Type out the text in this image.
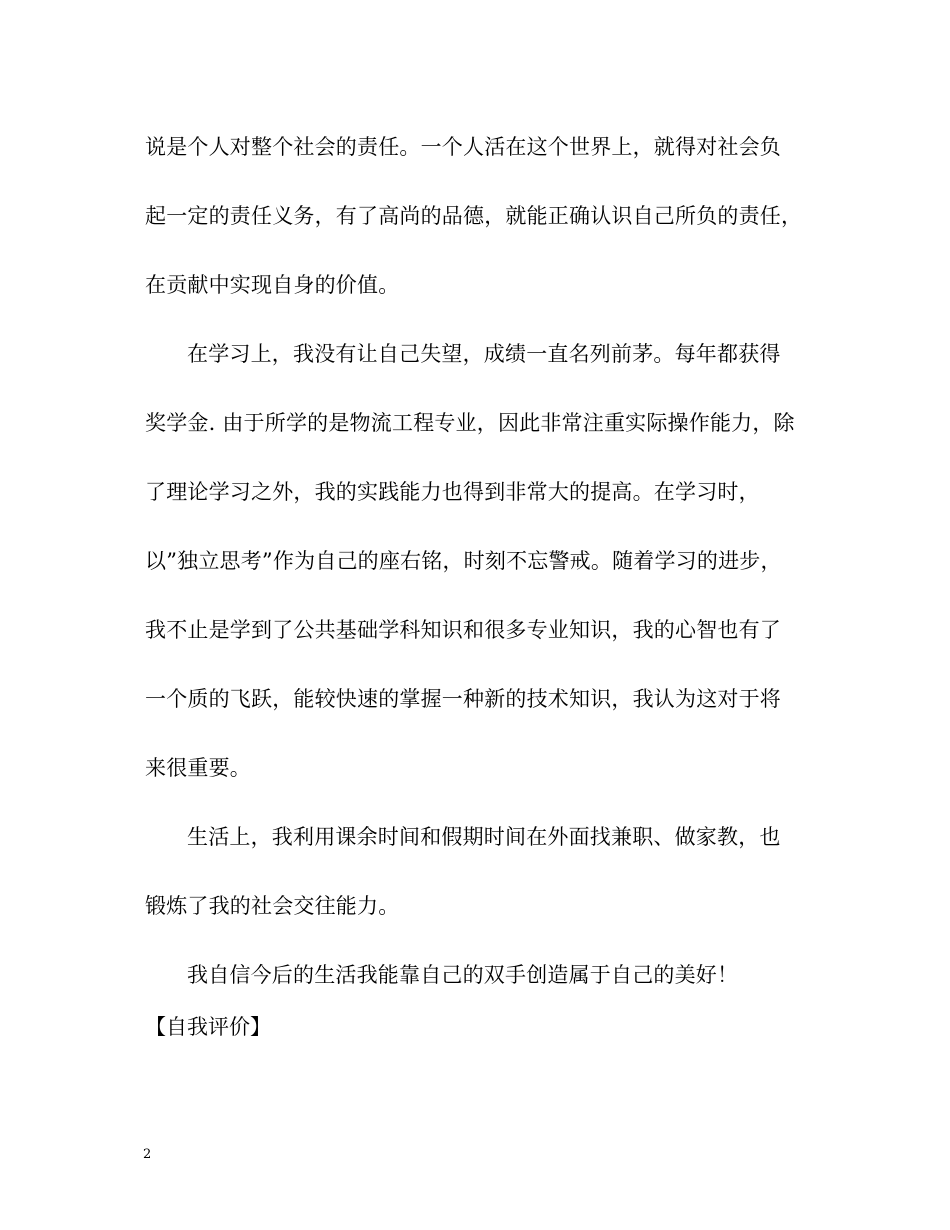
说是个人对整个社会的责任。一个人活在这个世界上，就得对社会负
起一定的责任义务，有了高尚的品德，就能正确认识自己所负的责任，
在贡献中实现自身的价值。
在学习上，我没有让自己失望，成绩一直名列前茅。每年都获得
奖学金. 由于所学的是物流工程专业，因此非常注重实际操作能力，除
了理论学习之外，我的实践能力也得到非常大的提高。在学习时，
以”独立思考”作为自己的座右铭，时刻不忘警戒。随着学习的进步，
我不止是学到了公共基础学科知识和很多专业知识，我的心智也有了
一个质的飞跃，能较快速的掌握一种新的技术知识，我认为这对于将
来很重要。
生活上，我利用课余时间和假期时间在外面找兼职、做家教，也
锻炼了我的社会交往能力。
我自信今后的生活我能靠自己的双手创造属于自己的美好！
【自我评价】
2
